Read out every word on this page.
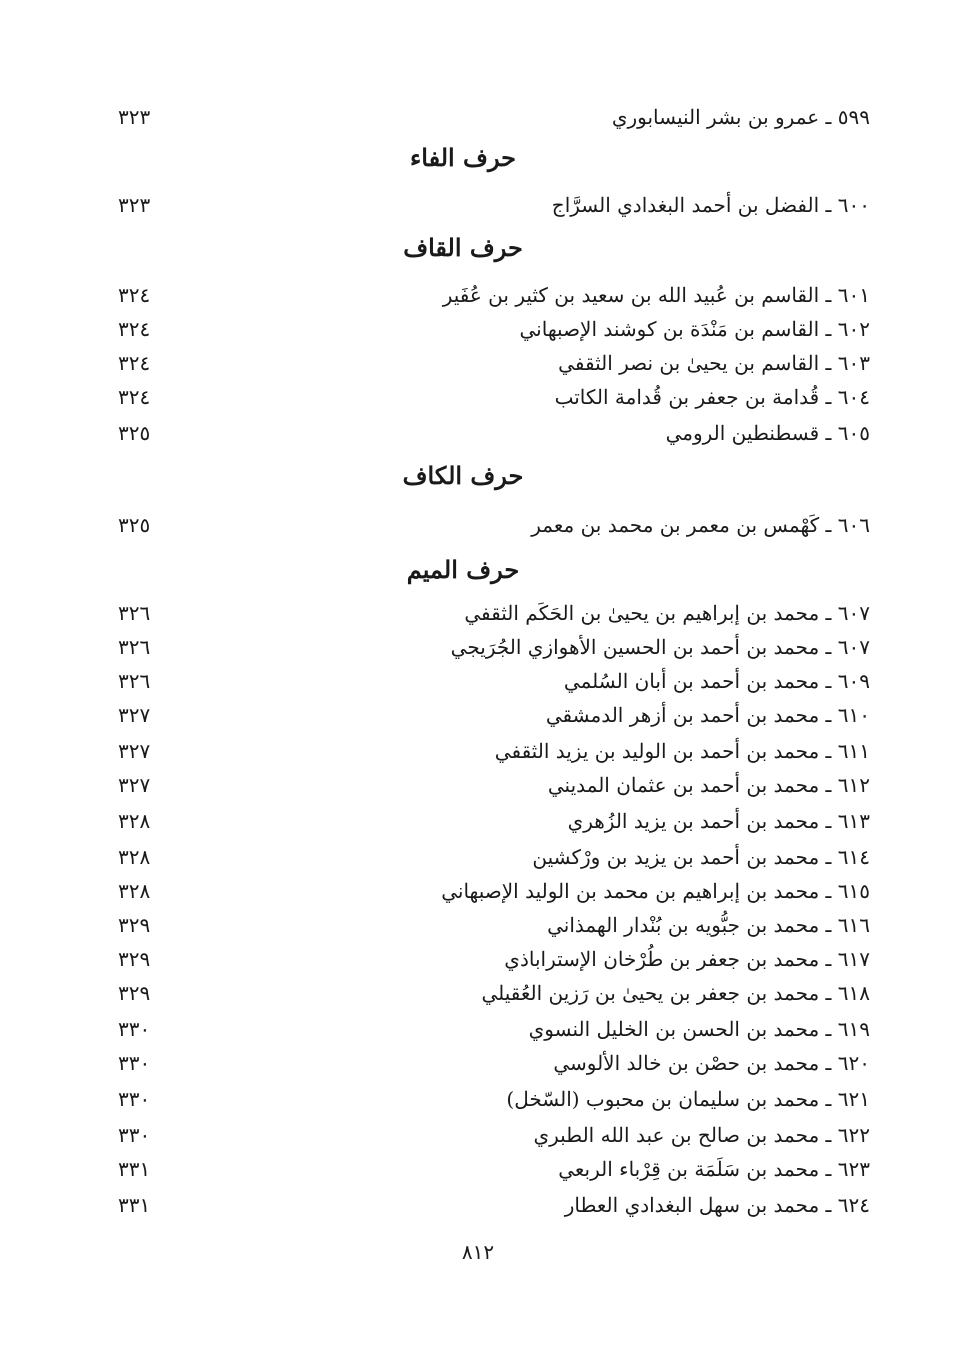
٥٩٩ ـ عمرو بن بشر النيسابوري
٣٢٣
حرف الفاء
٦٠٠ ـ الفضل بن أحمد البغدادي السرَّاج
٣٢٣
حرف القاف
٦٠١ ـ القاسم بن عُبيد الله بن سعيد بن كثير بن عُفَير
٣٢٤
٦٠٢ ـ القاسم بن مَنْدَة بن كوشند الإصبهاني
٣٢٤
٦٠٣ ـ القاسم بن يحيىٰ بن نصر الثقفي
٣٢٤
٦٠٤ ـ قُدامة بن جعفر بن قُدامة الكاتب
٣٢٤
٦٠٥ ـ قسطنطين الرومي
٣٢٥
حرف الكاف
٦٠٦ ـ كَهْمس بن معمر بن محمد بن معمر
٣٢٥
حرف الميم
٦٠٧ ـ محمد بن إبراهيم بن يحيىٰ بن الحَكَم الثقفي
٣٢٦
٦٠٧ ـ محمد بن أحمد بن الحسين الأهوازي الجُرَيجي
٣٢٦
٦٠٩ ـ محمد بن أحمد بن أبان السُلمي
٣٢٦
٦١٠ ـ محمد بن أحمد بن أزهر الدمشقي
٣٢٧
٦١١ ـ محمد بن أحمد بن الوليد بن يزيد الثقفي
٣٢٧
٦١٢ ـ محمد بن أحمد بن عثمان المديني
٣٢٧
٦١٣ ـ محمد بن أحمد بن يزيد الزُهري
٣٢٨
٦١٤ ـ محمد بن أحمد بن يزيد بن ورْكشين
٣٢٨
٦١٥ ـ محمد بن إبراهيم بن محمد بن الوليد الإصبهاني
٣٢٨
٦١٦ ـ محمد بن جبُّويه بن بُنْدار الهمذاني
٣٢٩
٦١٧ ـ محمد بن جعفر بن طُرْخان الإستراباذي
٣٢٩
٦١٨ ـ محمد بن جعفر بن يحيىٰ بن رَزين العُقيلي
٣٢٩
٦١٩ ـ محمد بن الحسن بن الخليل النسوي
٣٣٠
٦٢٠ ـ محمد بن حصْن بن خالد الألوسي
٣٣٠
٦٢١ ـ محمد بن سليمان بن محبوب (السّخل)
٣٣٠
٦٢٢ ـ محمد بن صالح بن عبد الله الطبري
٣٣٠
٦٢٣ ـ محمد بن سَلَمَة بن قِرْباء الربعي
٣٣١
٦٢٤ ـ محمد بن سهل البغدادي العطار
٣٣١
٨١٢
